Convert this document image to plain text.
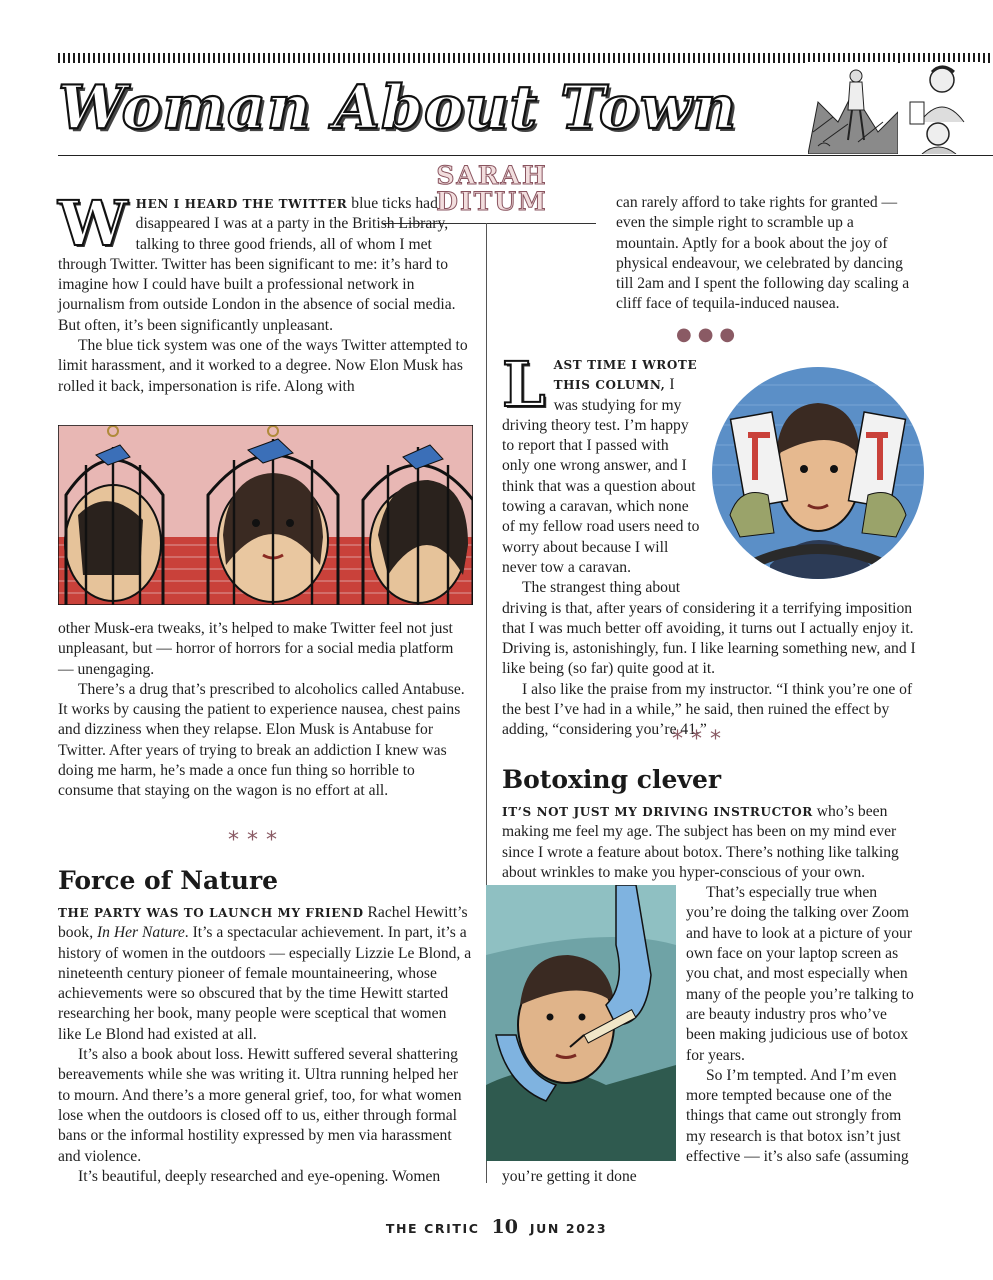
Woman About Town
SARAH
DITUM

WHEN I HEARD THE TWITTER blue ticks had disappeared I was at a party in the British Library, talking to three good friends, all of whom I met through Twitter. Twitter has been significant to me: it’s hard to imagine how I could have built a professional network in journalism from outside London in the absence of social media. But often, it’s been significantly unpleasant.

The blue tick system was one of the ways Twitter attempted to limit harassment, and it worked to a degree. Now Elon Musk has rolled it back, impersonation is rife. Along with

other Musk-era tweaks, it’s helped to make Twitter feel not just unpleasant, but — horror of horrors for a social media platform — unengaging.

There’s a drug that’s prescribed to alcoholics called Antabuse. It works by causing the patient to experience nausea, chest pains and dizziness when they relapse. Elon Musk is Antabuse for Twitter. After years of trying to break an addiction I knew was doing me harm, he’s made a once fun thing so horrible to consume that staying on the wagon is no effort at all.

***
Force of Nature

THE PARTY WAS TO LAUNCH MY FRIEND Rachel Hewitt’s book, In Her Nature. It’s a spectacular achievement. In part, it’s a history of women in the outdoors — especially Lizzie Le Blond, a nineteenth century pioneer of female mountaineering, whose achievements were so obscured that by the time Hewitt started researching her book, many people were sceptical that women like Le Blond had existed at all.

It’s also a book about loss. Hewitt suffered several shattering bereavements while she was writing it. Ultra running helped her to mourn. And there’s a more general grief, too, for what women lose when the outdoors is closed off to us, either through formal bans or the informal hostility expressed by men via harassment and violence.

It’s beautiful, deeply researched and eye-opening. Women

can rarely afford to take rights for granted — even the simple right to scramble up a mountain. Aptly for a book about the joy of physical endeavour, we celebrated by dancing till 2am and I spent the following day scaling a cliff face of tequila-induced nausea.

●●●

LAST TIME I WROTE THIS COLUMN, I was studying for my driving theory test. I’m happy to report that I passed with only one wrong answer, and I think that was a question about towing a caravan, which none of my fellow road users need to worry about because I will never tow a caravan.

The strangest thing about driving is that, after years of considering it a terrifying imposition that I was much better off avoiding, it turns out I actually enjoy it. Driving is, astonishingly, fun. I like learning something new, and I like being (so far) quite good at it.

I also like the praise from my instructor. “I think you’re one of the best I’ve had in a while,” he said, then ruined the effect by adding, “considering you’re 41.”

***
Botoxing clever

IT’S NOT JUST MY DRIVING INSTRUCTOR who’s been making me feel my age. The subject has been on my mind ever since I wrote a feature about botox. There’s nothing like talking about wrinkles to make you hyper-conscious of your own.

That’s especially true when you’re doing the talking over Zoom and have to look at a picture of your own face on your laptop screen as you chat, and most especially when many of the people you’re talking to are beauty industry pros who’ve been making judicious use of botox for years.

So I’m tempted. And I’m even more tempted because one of the things that came out strongly from my research is that botox isn’t just effective — it’s also safe (assuming you’re getting it done

THE CRITIC 10 JUN 2023
